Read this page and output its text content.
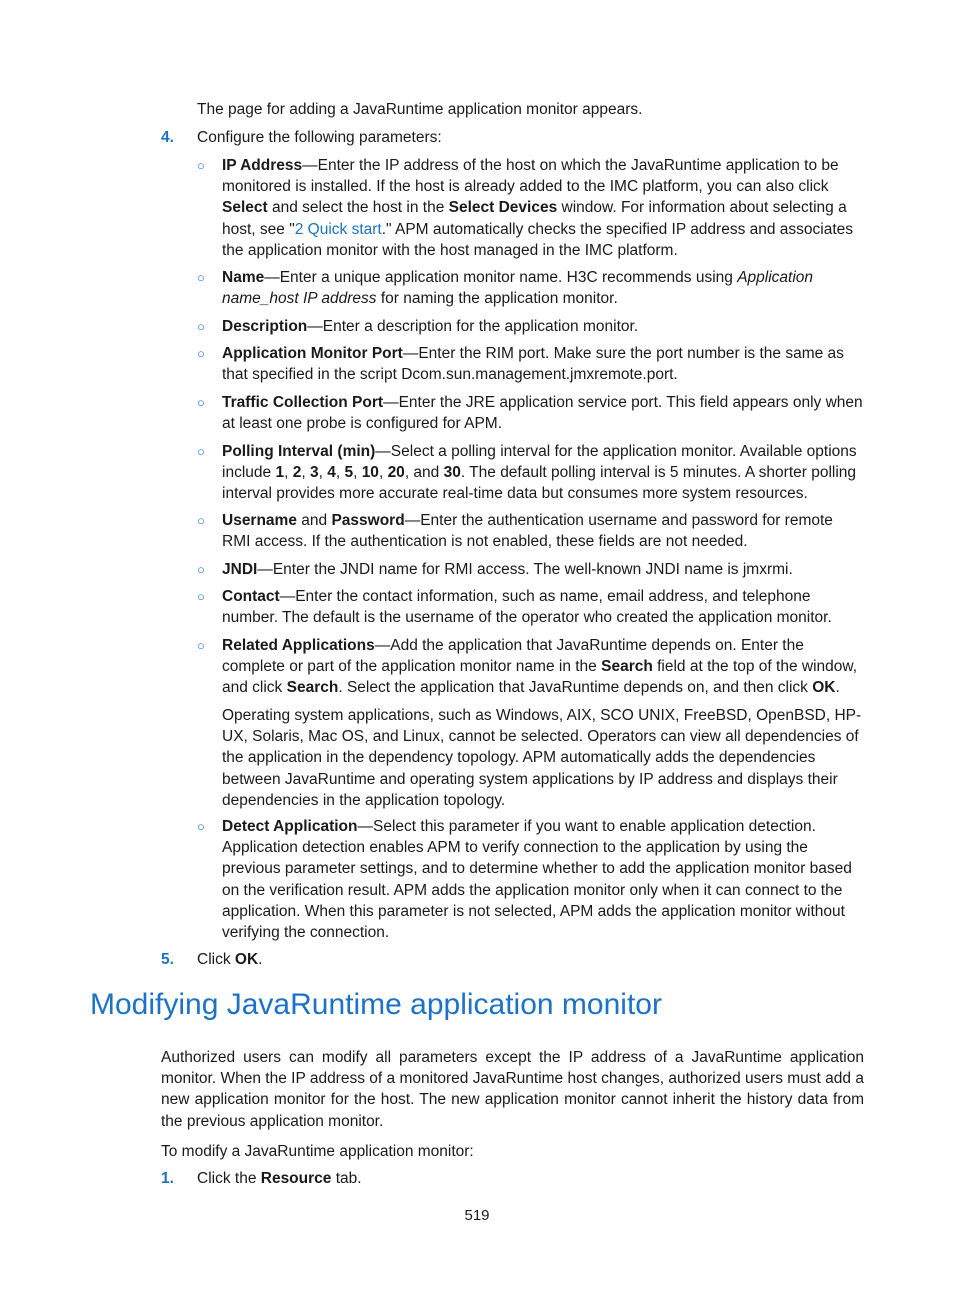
The page for adding a JavaRuntime application monitor appears.

4. Configure the following parameters:
○ IP Address—Enter the IP address of the host on which the JavaRuntime application to be monitored is installed. If the host is already added to the IMC platform, you can also click Select and select the host in the Select Devices window. For information about selecting a host, see "2 Quick start." APM automatically checks the specified IP address and associates the application monitor with the host managed in the IMC platform.
○ Name—Enter a unique application monitor name. H3C recommends using Application name_host IP address for naming the application monitor.
○ Description—Enter a description for the application monitor.
○ Application Monitor Port—Enter the RIM port. Make sure the port number is the same as that specified in the script Dcom.sun.management.jmxremote.port.
○ Traffic Collection Port—Enter the JRE application service port. This field appears only when at least one probe is configured for APM.
○ Polling Interval (min)—Select a polling interval for the application monitor. Available options include 1, 2, 3, 4, 5, 10, 20, and 30. The default polling interval is 5 minutes. A shorter polling interval provides more accurate real-time data but consumes more system resources.
○ Username and Password—Enter the authentication username and password for remote RMI access. If the authentication is not enabled, these fields are not needed.
○ JNDI—Enter the JNDI name for RMI access. The well-known JNDI name is jmxrmi.
○ Contact—Enter the contact information, such as name, email address, and telephone number. The default is the username of the operator who created the application monitor.
○ Related Applications—Add the application that JavaRuntime depends on. Enter the complete or part of the application monitor name in the Search field at the top of the window, and click Search. Select the application that JavaRuntime depends on, and then click OK.
Operating system applications, such as Windows, AIX, SCO UNIX, FreeBSD, OpenBSD, HP-UX, Solaris, Mac OS, and Linux, cannot be selected. Operators can view all dependencies of the application in the dependency topology. APM automatically adds the dependencies between JavaRuntime and operating system applications by IP address and displays their dependencies in the application topology.
○ Detect Application—Select this parameter if you want to enable application detection. Application detection enables APM to verify connection to the application by using the previous parameter settings, and to determine whether to add the application monitor based on the verification result. APM adds the application monitor only when it can connect to the application. When this parameter is not selected, APM adds the application monitor without verifying the connection.
5. Click OK.
Modifying JavaRuntime application monitor
Authorized users can modify all parameters except the IP address of a JavaRuntime application monitor. When the IP address of a monitored JavaRuntime host changes, authorized users must add a new application monitor for the host. The new application monitor cannot inherit the history data from the previous application monitor.
To modify a JavaRuntime application monitor:
1. Click the Resource tab.
519
